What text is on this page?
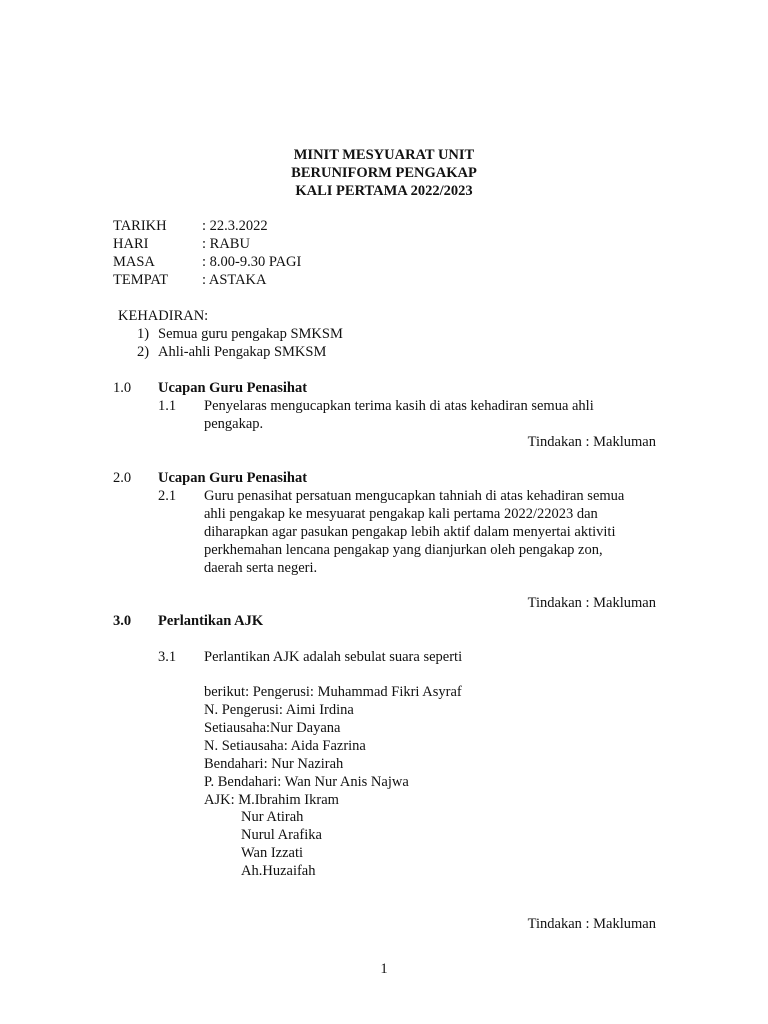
MINIT MESYUARAT UNIT
BERUNIFORM PENGAKAP
KALI PERTAMA 2022/2023
TARIKH : 22.3.2022
HARI	: RABU
MASA	: 8.00-9.30 PAGI
TEMPAT : ASTAKA
KEHADIRAN:
1) Semua guru pengakap SMKSM
2) Ahli-ahli Pengakap SMKSM
1.0 Ucapan Guru Penasihat
1.1 Penyelaras mengucapkan terima kasih di atas kehadiran semua ahli
pengakap.
Tindakan : Makluman
2.0 Ucapan Guru Penasihat
2.1 Guru penasihat persatuan mengucapkan tahniah di atas kehadiran semua
ahli pengakap ke mesyuarat pengakap kali pertama 2022/22023 dan
diharapkan agar pasukan pengakap lebih aktif dalam menyertai aktiviti
perkhemahan lencana pengakap yang dianjurkan oleh pengakap zon,
daerah serta negeri.
Tindakan : Makluman
3.0 Perlantikan AJK
3.1 Perlantikan AJK adalah sebulat suara seperti
berikut: Pengerusi: Muhammad Fikri Asyraf
N. Pengerusi: Aimi Irdina
Setiausaha:Nur Dayana
N. Setiausaha: Aida Fazrina
Bendahari: Nur Nazirah
P. Bendahari: Wan Nur Anis Najwa
AJK: M.Ibrahim Ikram
Nur Atirah
Nurul Arafika
Wan Izzati
Ah.Huzaifah
Tindakan : Makluman
1
